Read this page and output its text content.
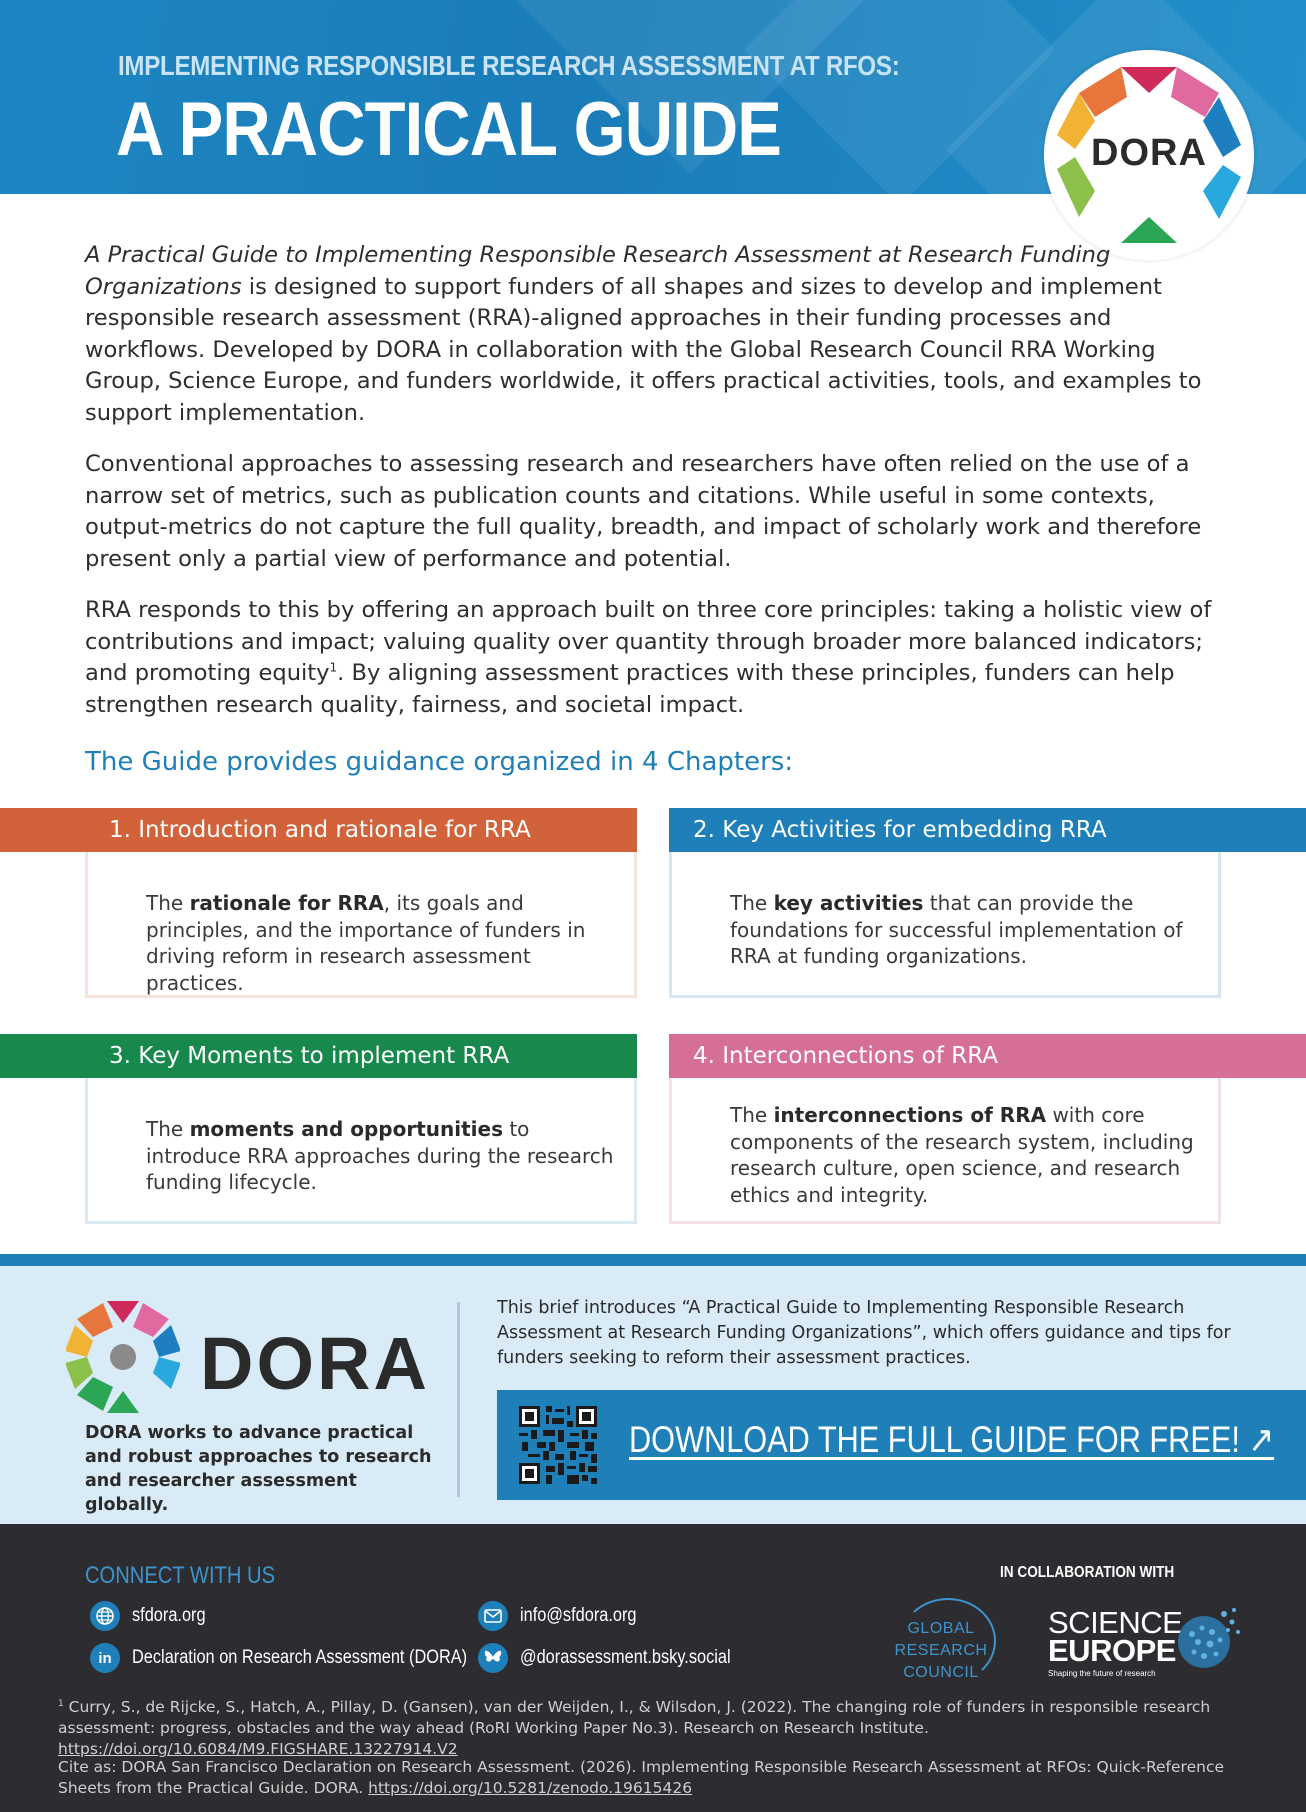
IMPLEMENTING RESPONSIBLE RESEARCH ASSESSMENT AT RFOS:
A PRACTICAL GUIDE	DORA

A Practical Guide to Implementing Responsible Research Assessment at Research Funding Organizations is designed to support funders of all shapes and sizes to develop and implement responsible research assessment (RRA)-aligned approaches in their funding processes and workflows. Developed by DORA in collaboration with the Global Research Council RRA Working Group, Science Europe, and funders worldwide, it offers practical activities, tools, and examples to support implementation.

Conventional approaches to assessing research and researchers have often relied on the use of a narrow set of metrics, such as publication counts and citations. While useful in some contexts, output-metrics do not capture the full quality, breadth, and impact of scholarly work and therefore present only a partial view of performance and potential.

RRA responds to this by offering an approach built on three core principles: taking a holistic view of contributions and impact; valuing quality over quantity through broader more balanced indicators; and promoting equity$^1$. By aligning assessment practices with these principles, funders can help strengthen research quality, fairness, and societal impact.

The Guide provides guidance organized in 4 Chapters:
1. Introduction and rationale for RRA
The rationale for RRA, its goals and principles, and the importance of funders in driving reform in research assessment practices.
2. Key Activities for embedding RRA
The key activities that can provide the foundations for successful implementation of RRA at funding organizations.
3. Key Moments to implement RRA
The moments and opportunities to introduce RRA approaches during the research funding lifecycle.
4. Interconnections of RRA
The interconnections of RRA with core components of the research system, including research culture, open science, and research ethics and integrity.
DORA
DORA works to advance practical and robust approaches to research and researcher assessment globally.
This brief introduces “A Practical Guide to Implementing Responsible Research Assessment at Research Funding Organizations”, which offers guidance and tips for funders seeking to reform their assessment practices.
DOWNLOAD THE FULL GUIDE FOR FREE! ↗
CONNECT WITH US
sfdora.org
in Declaration on Research Assessment (DORA)
info@sfdora.org
@dorassessment.bsky.social
IN COLLABORATION WITH
GLOBAL
RESEARCH
COUNCIL
SCIENCE
EUROPE
Shaping the future of research
$^1$ Curry, S., de Rijcke, S., Hatch, A., Pillay, D. (Gansen), van der Weijden, I., & Wilsdon, J. (2022). The changing role of funders in responsible research assessment: progress, obstacles and the way ahead (RoRI Working Paper No.3). Research on Research Institute. https://doi.org/10.6084/M9.FIGSHARE.13227914.V2
Cite as: DORA San Francisco Declaration on Research Assessment. (2026). Implementing Responsible Research Assessment at RFOs: Quick-Reference Sheets from the Practical Guide. DORA. https://doi.org/10.5281/zenodo.19615426
